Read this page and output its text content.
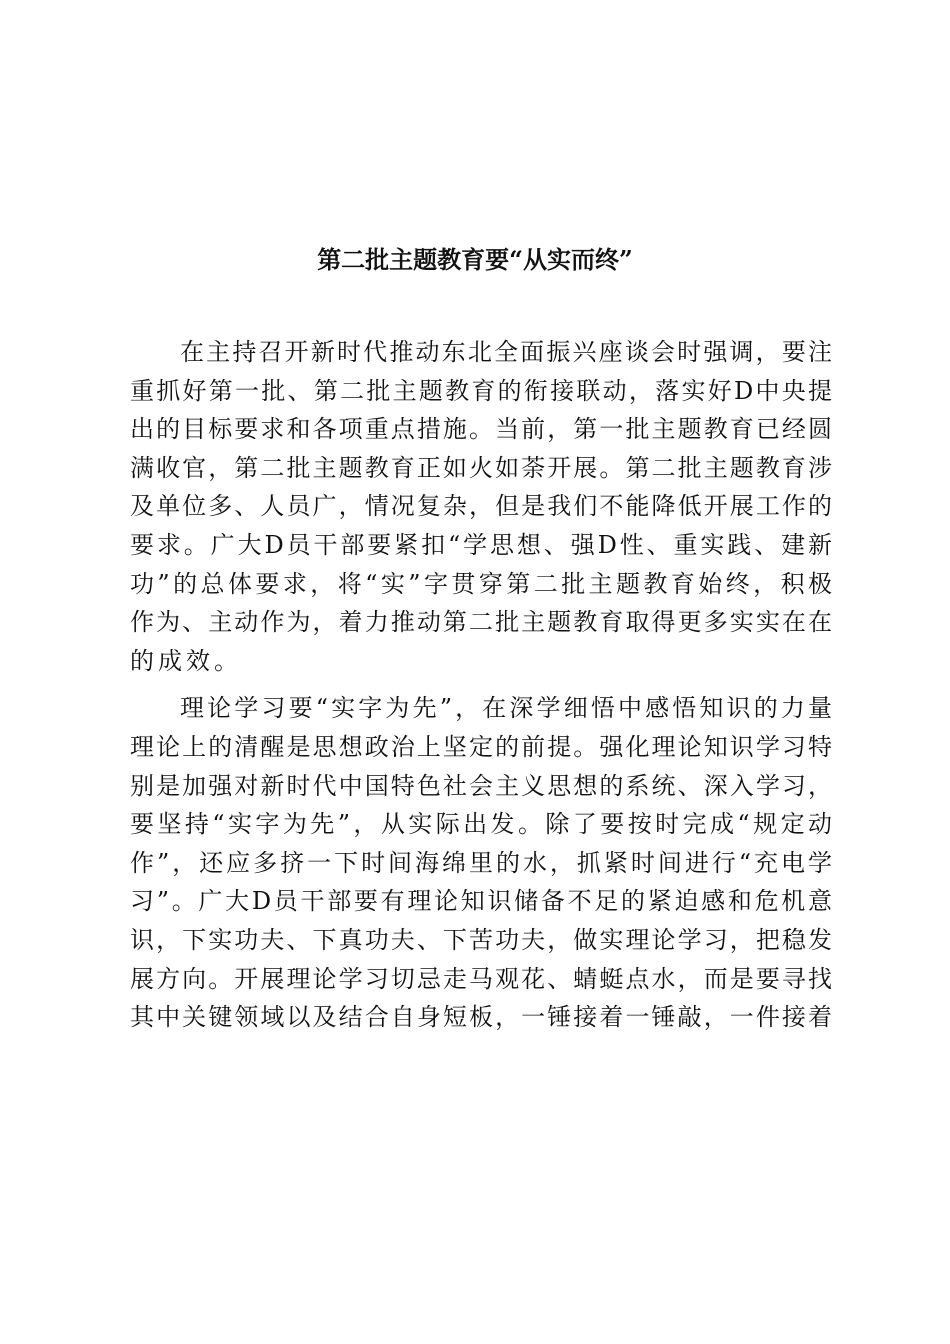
第二批主题教育要“从实而终”
在主持召开新时代推动东北全面振兴座谈会时强调，要注
重抓好第一批、第二批主题教育的衔接联动，落实好D中央提
出的目标要求和各项重点措施。当前，第一批主题教育已经圆
满收官，第二批主题教育正如火如荼开展。第二批主题教育涉
及单位多、人员广，情况复杂，但是我们不能降低开展工作的
要求。广大D员干部要紧扣“学思想、强D性、重实践、建新
功”的总体要求，将“实”字贯穿第二批主题教育始终，积极
作为、主动作为，着力推动第二批主题教育取得更多实实在在
的成效。
理论学习要“实字为先”，在深学细悟中感悟知识的力量
理论上的清醒是思想政治上坚定的前提。强化理论知识学习特
别是加强对新时代中国特色社会主义思想的系统、深入学习，
要坚持“实字为先”，从实际出发。除了要按时完成“规定动
作”，还应多挤一下时间海绵里的水，抓紧时间进行“充电学
习”。广大D员干部要有理论知识储备不足的紧迫感和危机意
识，下实功夫、下真功夫、下苦功夫，做实理论学习，把稳发
展方向。开展理论学习切忌走马观花、蜻蜓点水，而是要寻找
其中关键领域以及结合自身短板，一锤接着一锤敲，一件接着
